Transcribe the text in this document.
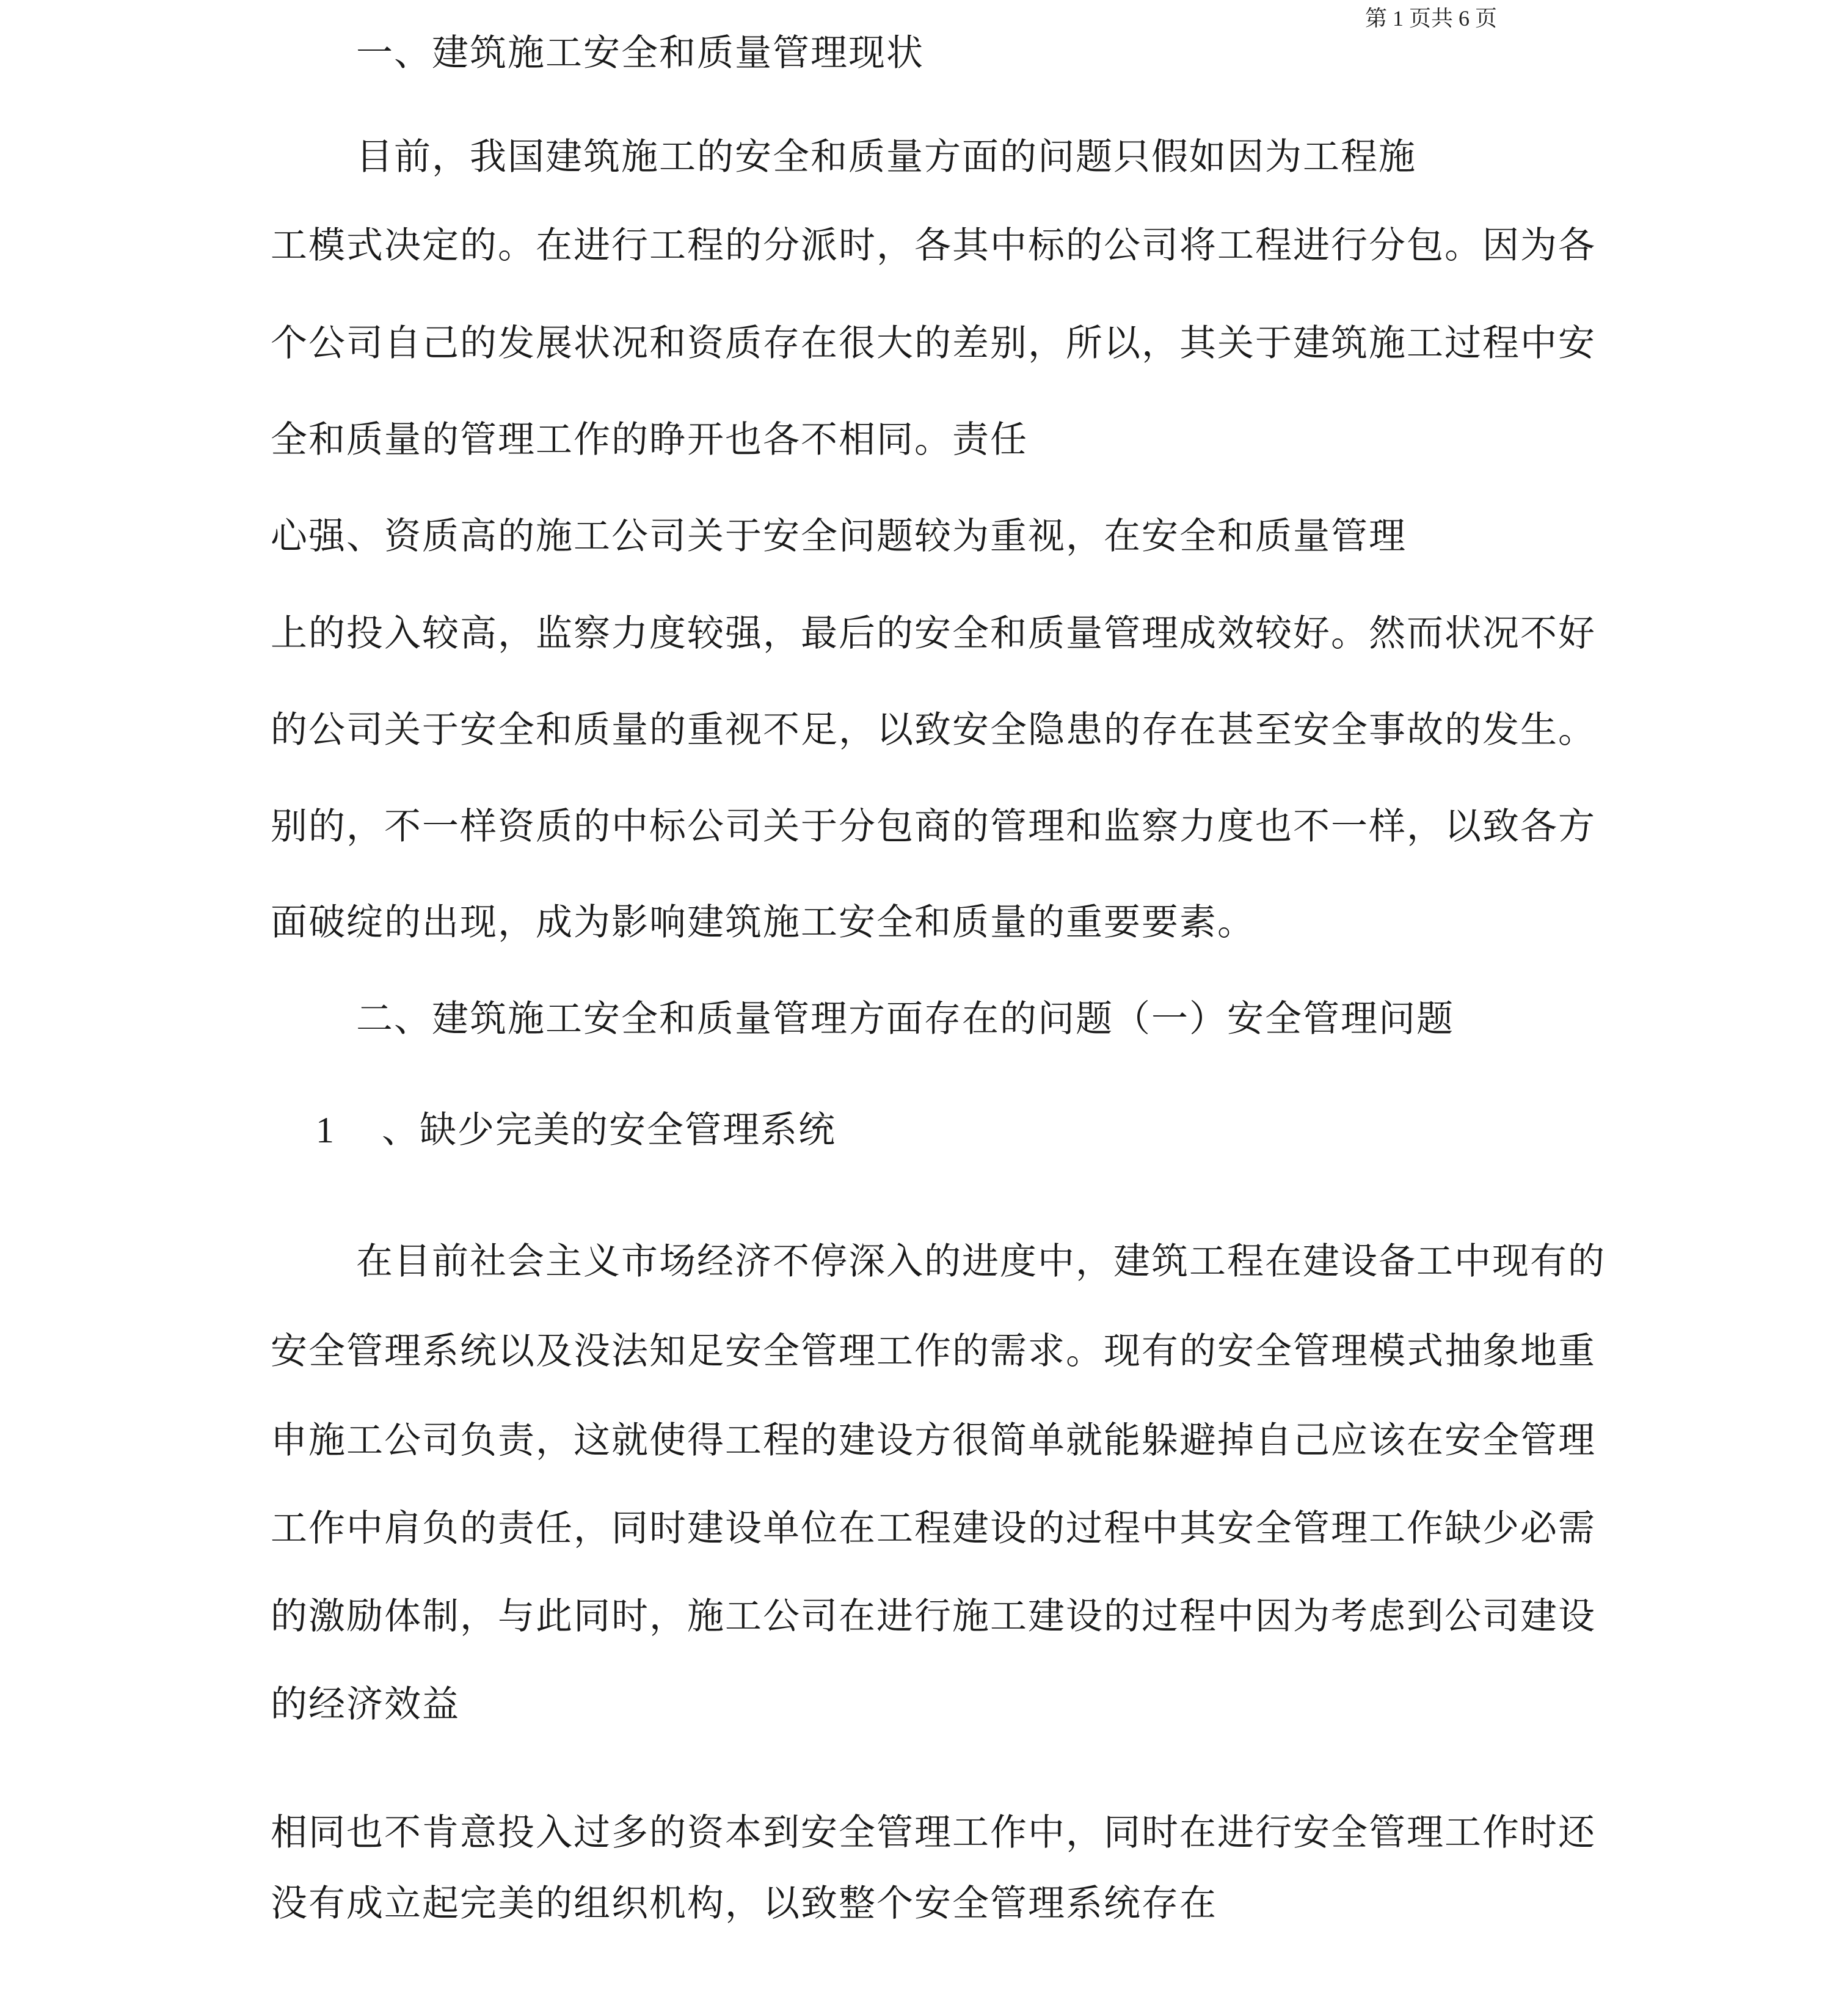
第 1 页共 6 页
一、建筑施工安全和质量管理现状
目前，我国建筑施工的安全和质量方面的问题只假如因为工程施
工模式决定的。在进行工程的分派时，各其中标的公司将工程进行分包。因为各
个公司自己的发展状况和资质存在很大的差别，所以，其关于建筑施工过程中安
全和质量的管理工作的睁开也各不相同。责任
心强、资质高的施工公司关于安全问题较为重视，在安全和质量管理
上的投入较高，监察力度较强，最后的安全和质量管理成效较好。然而状况不好
的公司关于安全和质量的重视不足，以致安全隐患的存在甚至安全事故的发生。
别的，不一样资质的中标公司关于分包商的管理和监察力度也不一样，以致各方
面破绽的出现，成为影响建筑施工安全和质量的重要要素。
二、建筑施工安全和质量管理方面存在的问题（一）安全管理问题
1 、缺少完美的安全管理系统
在目前社会主义市场经济不停深入的进度中，建筑工程在建设备工中现有的
安全管理系统以及没法知足安全管理工作的需求。现有的安全管理模式抽象地重
申施工公司负责，这就使得工程的建设方很简单就能躲避掉自己应该在安全管理
工作中肩负的责任，同时建设单位在工程建设的过程中其安全管理工作缺少必需
的激励体制，与此同时，施工公司在进行施工建设的过程中因为考虑到公司建设
的经济效益
相同也不肯意投入过多的资本到安全管理工作中，同时在进行安全管理工作时还
没有成立起完美的组织机构，以致整个安全管理系统存在
